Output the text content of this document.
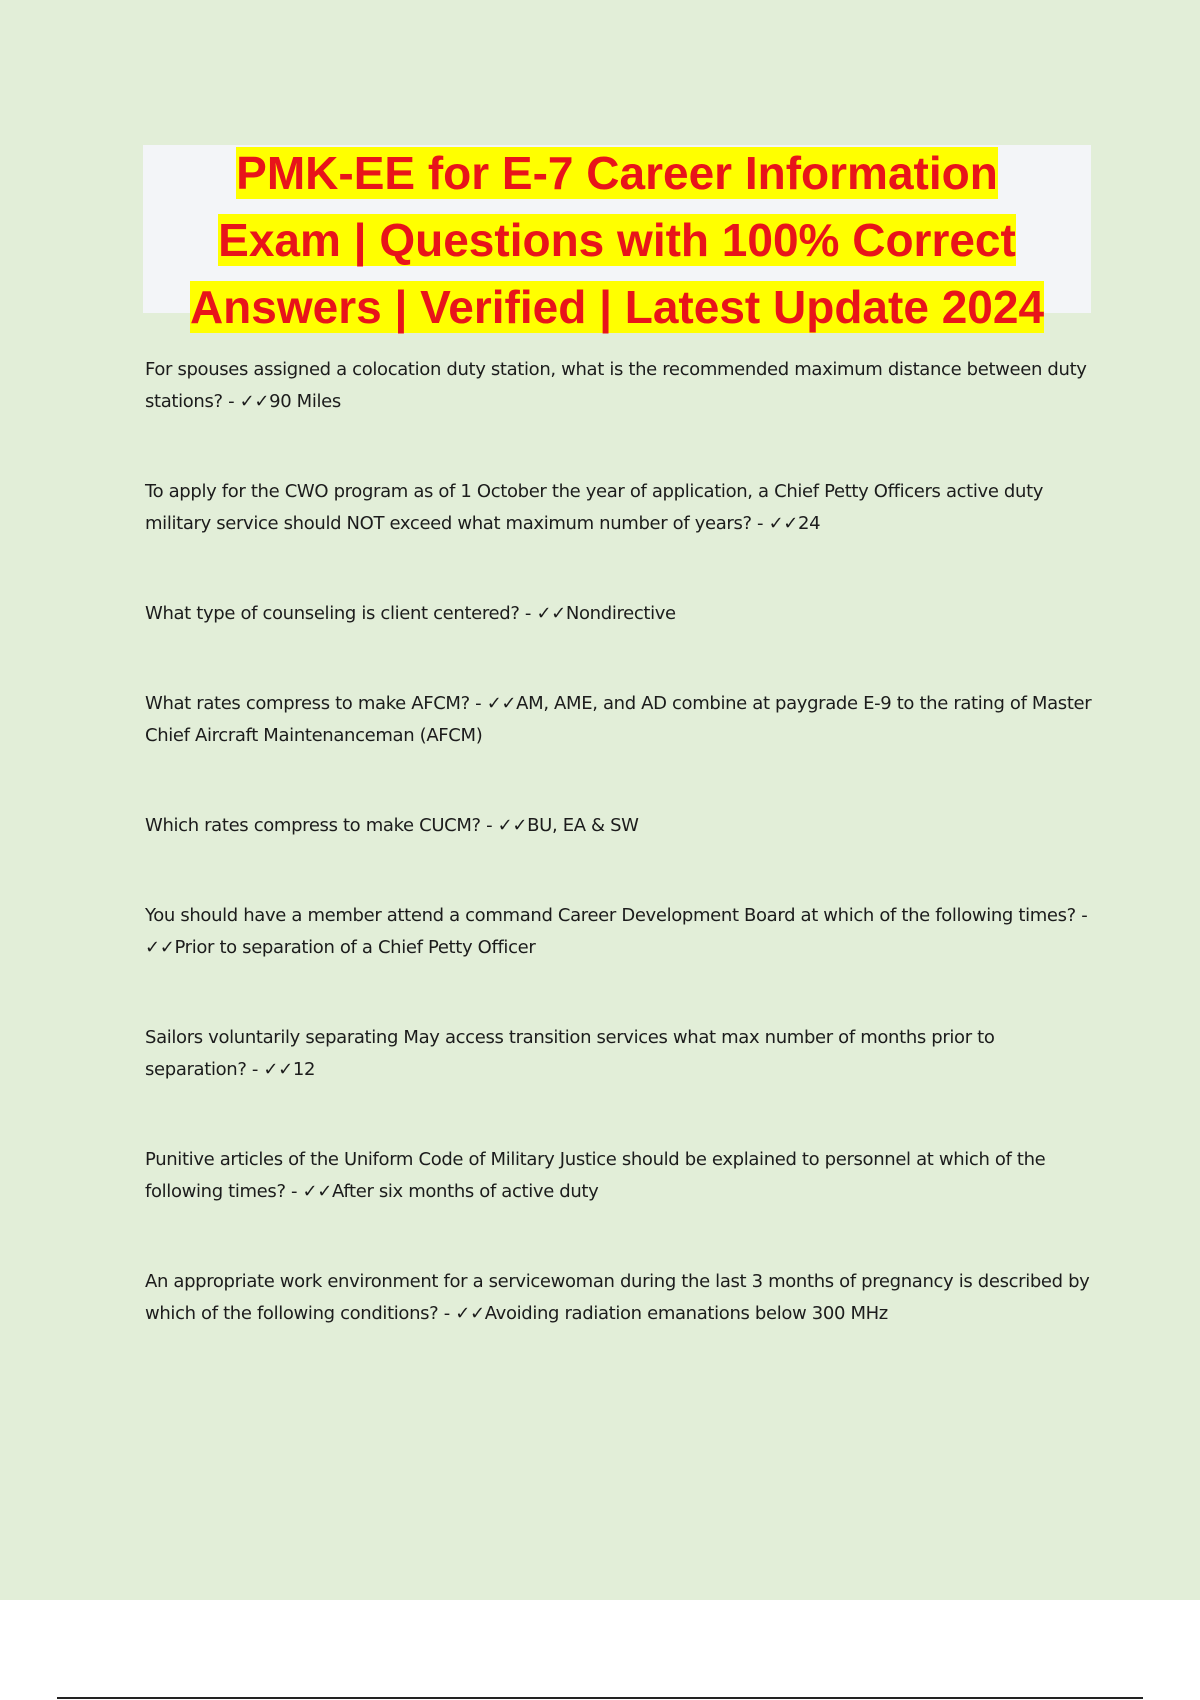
PMK-EE for E-7 Career Information
Exam | Questions with 100% Correct
Answers | Verified | Latest Update 2024

For spouses assigned a colocation duty station, what is the recommended maximum distance between duty stations? - ✓✓90 Miles

To apply for the CWO program as of 1 October the year of application, a Chief Petty Officers active duty military service should NOT exceed what maximum number of years? - ✓✓24

What type of counseling is client centered? - ✓✓Nondirective

What rates compress to make AFCM? - ✓✓AM, AME, and AD combine at paygrade E-9 to the rating of Master Chief Aircraft Maintenanceman (AFCM)

Which rates compress to make CUCM? - ✓✓BU, EA & SW

You should have a member attend a command Career Development Board at which of the following times? - ✓✓Prior to separation of a Chief Petty Officer

Sailors voluntarily separating May access transition services what max number of months prior to separation? - ✓✓12

Punitive articles of the Uniform Code of Military Justice should be explained to personnel at which of the following times? - ✓✓After six months of active duty

An appropriate work environment for a servicewoman during the last 3 months of pregnancy is described by which of the following conditions? - ✓✓Avoiding radiation emanations below 300 MHz
